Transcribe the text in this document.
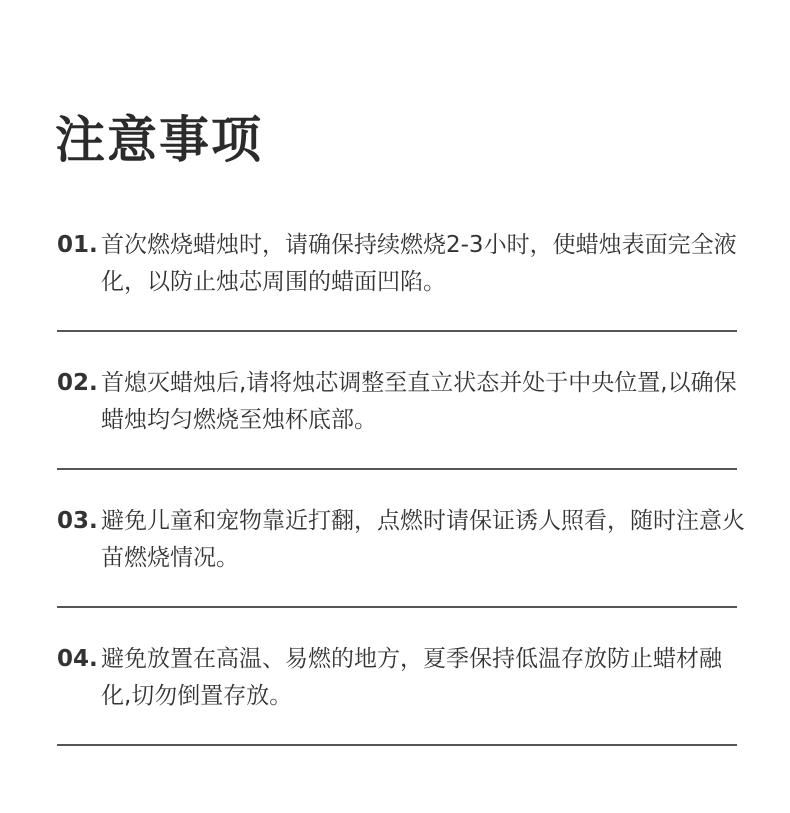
注意事项
01. 首次燃烧蜡烛时，请确保持续燃烧2-3小时，使蜡烛表面完全液化，以防止烛芯周围的蜡面凹陷。

02. 首熄灭蜡烛后,请将烛芯调整至直立状态并处于中央位置,以确保蜡烛均匀燃烧至烛杯底部。

03. 避免儿童和宠物靠近打翻，点燃时请保证诱人照看，随时注意火苗燃烧情况。

04. 避免放置在高温、易燃的地方，夏季保持低温存放防止蜡材融化,切勿倒置存放。
